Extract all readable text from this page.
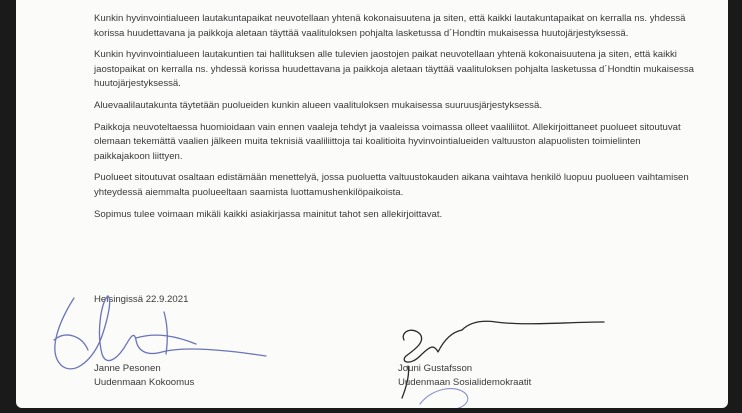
Kunkin hyvinvointialueen lautakuntapaikat neuvotellaan yhtenä kokonaisuutena ja siten, että kaikki lautakuntapaikat on kerralla ns. yhdessä korissa huudettavana ja paikkoja aletaan täyttää vaalituloksen pohjalta lasketussa d´Hondtin mukaisessa huutojärjestyksessä.

Kunkin hyvinvointialueen lautakuntien tai hallituksen alle tulevien jaostojen paikat neuvotellaan yhtenä kokonaisuutena ja siten, että kaikki jaostopaikat on kerralla ns. yhdessä korissa huudettavana ja paikkoja aletaan täyttää vaalituloksen pohjalta lasketussa d´Hondtin mukaisessa huutojärjestyksessä.

Aluevaalilautakunta täytetään puolueiden kunkin alueen vaalituloksen mukaisessa suuruusjärjestyksessä.

Paikkoja neuvoteltaessa huomioidaan vain ennen vaaleja tehdyt ja vaaleissa voimassa olleet vaaliliitot. Allekirjoittaneet puolueet sitoutuvat olemaan tekemättä vaalien jälkeen muita teknisiä vaaliliittoja tai koalitioita hyvinvointialueiden valtuuston alapuolisten toimielinten paikkajakoon liittyen.

Puolueet sitoutuvat osaltaan edistämään menettelyä, jossa puoluetta valtuustokauden aikana vaihtava henkilö luopuu puolueen vaihtamisen yhteydessä aiemmalta puolueeltaan saamista luottamushenkilöpaikoista.

Sopimus tulee voimaan mikäli kaikki asiakirjassa mainitut tahot sen allekirjoittavat.

Helsingissä 22.9.2021
Janne Pesonen
Uudenmaan Kokoomus
Jouni Gustafsson
Uudenmaan Sosialidemokraatit
